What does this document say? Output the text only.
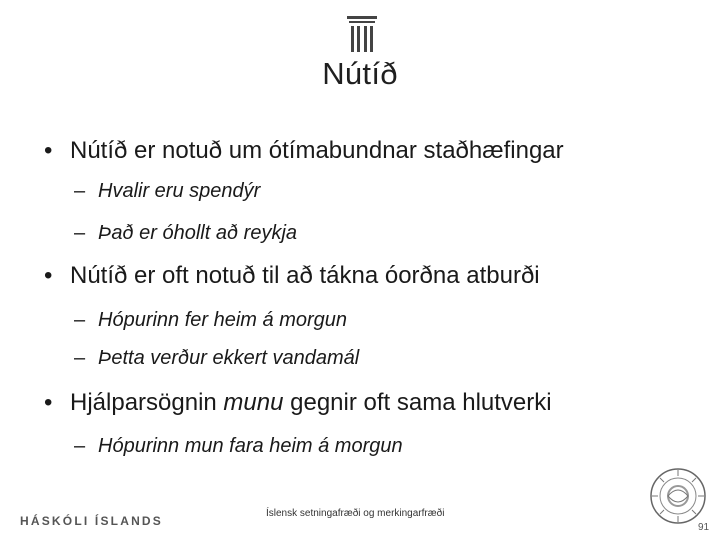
Nútíð
• Nútíð er notuð um ótímabundnar staðhæfingar
– Hvalir eru spendýr
– Það er óhollt að reykja
• Nútíð er oft notuð til að tákna óorðna atburði
– Hópurinn fer heim á morgun
– Þetta verður ekkert vandamál
• Hjálparsögnin munu gegnir oft sama hlutverki
– Hópurinn mun fara heim á morgun
HÁSKÓLI ÍSLANDS
Íslensk setningafræði og merkingarfræði
91
